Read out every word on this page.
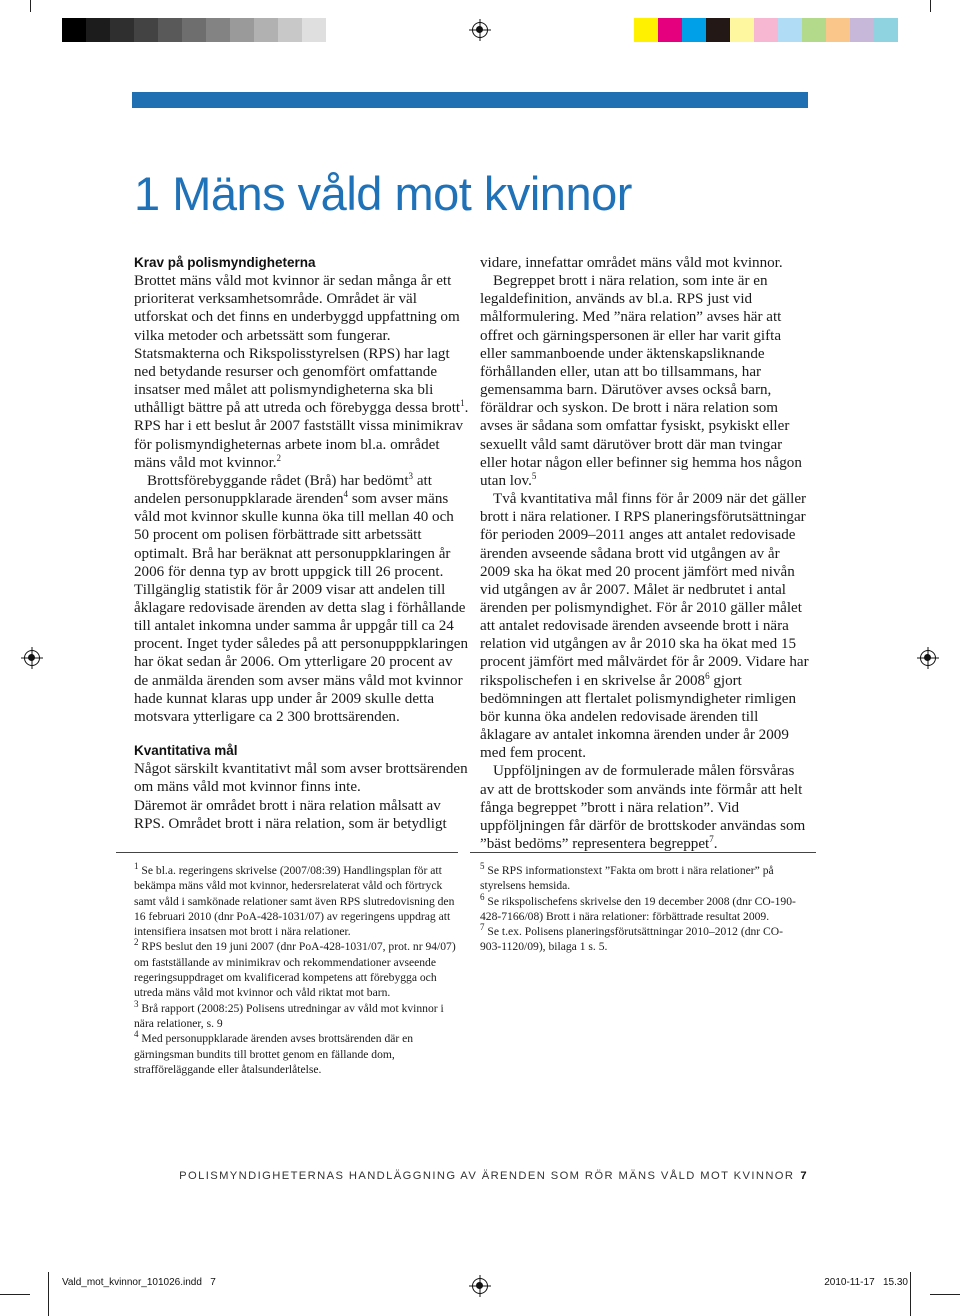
1 Mäns våld mot kvinnor
Krav på polismyndigheterna

Brottet mäns våld mot kvinnor är sedan många år ett prioriterat verksamhetsområde. Området är väl utforskat och det finns en underbyggd uppfattning om vilka metoder och arbetssätt som fungerar. Statsmakterna och Rikspolisstyrelsen (RPS) har lagt ned betydande resurser och genomfört omfattande insatser med målet att polismyndigheterna ska bli uthålligt bättre på att utreda och förebygga dessa brott$^1$. RPS har i ett beslut år 2007 fastställt vissa minimikrav för polismyndigheternas arbete inom bl.a. området mäns våld mot kvinnor.$^2$

Brottsförebyggande rådet (Brå) har bedömt$^3$ att andelen personuppklarade ärenden$^4$ som avser mäns våld mot kvinnor skulle kunna öka till mellan 40 och 50 procent om polisen förbättrade sitt arbetssätt optimalt. Brå har beräknat att personuppklaringen år 2006 för denna typ av brott uppgick till 26 procent. Tillgänglig statistik för år 2009 visar att andelen till åklagare redovisade ärenden av detta slag i förhållande till antalet inkomna under samma år uppgår till ca 24 procent. Inget tyder således på att personupppklaringen har ökat sedan år 2006. Om ytterligare 20 procent av de anmälda ärenden som avser mäns våld mot kvinnor hade kunnat klaras upp under år 2009 skulle detta motsvara ytterligare ca 2 300 brottsärenden.

Kvantitativa mål

Något särskilt kvantitativt mål som avser brottsärenden om mäns våld mot kvinnor finns inte.

Däremot är området brott i nära relation målsatt av RPS. Området brott i nära relation, som är betydligt

vidare, innefattar området mäns våld mot kvinnor.

Begreppet brott i nära relation, som inte är en legaldefinition, används av bl.a. RPS just vid målformulering. Med ”nära relation” avses här att offret och gärningspersonen är eller har varit gifta eller sammanboende under äktenskapsliknande förhållanden eller, utan att bo tillsammans, har gemensamma barn. Därutöver avses också barn, föräldrar och syskon. De brott i nära relation som avses är sådana som omfattar fysiskt, psykiskt eller sexuellt våld samt därutöver brott där man tvingar eller hotar någon eller befinner sig hemma hos någon utan lov.$^5$

Två kvantitativa mål finns för år 2009 när det gäller brott i nära relationer. I RPS planeringsförutsättningar för perioden 2009–2011 anges att antalet redovisade ärenden avseende sådana brott vid utgången av år 2009 ska ha ökat med 20 procent jämfört med nivån vid utgången av år 2007. Målet är nedbrutet i antal ärenden per polismyndighet. För år 2010 gäller målet att antalet redovisade ärenden avseende brott i nära relation vid utgången av år 2010 ska ha ökat med 15 procent jämfört med målvärdet för år 2009. Vidare har rikspolischefen i en skrivelse år 2008$^6$ gjort bedömningen att flertalet polismyndigheter rimligen bör kunna öka andelen redovisade ärenden till åklagare av antalet inkomna ärenden under år 2009 med fem procent.

Uppföljningen av de formulerade målen försvåras av att de brottskoder som används inte förmår att helt fånga begreppet ”brott i nära relation”. Vid uppföljningen får därför de brottskoder användas som ”bäst bedöms” representera begreppet$^7$.

$^1$ Se bl.a. regeringens skrivelse (2007/08:39) Handlingsplan för att bekämpa mäns våld mot kvinnor, hedersrelaterat våld och förtryck samt våld i samkönade relationer samt även RPS slutredovisning den 16 februari 2010 (dnr PoA-428-1031/07) av regeringens uppdrag att intensifiera insatsen mot brott i nära relationer.

$^2$ RPS beslut den 19 juni 2007 (dnr PoA-428-1031/07, prot. nr 94/07) om fastställande av minimikrav och rekommendationer avseende regeringsuppdraget om kvalificerad kompetens att förebygga och utreda mäns våld mot kvinnor och våld riktat mot barn.

$^3$ Brå rapport (2008:25) Polisens utredningar av våld mot kvinnor i nära relationer, s. 9

$^4$ Med personuppklarade ärenden avses brottsärenden där en gärningsman bundits till brottet genom en fällande dom, strafföreläggande eller åtalsunderlåtelse.

$^5$ Se RPS informationstext ”Fakta om brott i nära relationer” på styrelsens hemsida.

$^6$ Se rikspolischefens skrivelse den 19 december 2008 (dnr CO-190-428-7166/08) Brott i nära relationer: förbättrade resultat 2009.

$^7$ Se t.ex. Polisens planeringsförutsättningar 2010–2012 (dnr CO-903-1120/09), bilaga 1 s. 5.

POLISMYNDIGHETERNAS HANDLÄGGNING AV ÄRENDEN SOM RÖR MÄNS VÅLD MOT KVINNOR 7
Vald_mot_kvinnor_101026.indd   7	2010-11-17   15.30
